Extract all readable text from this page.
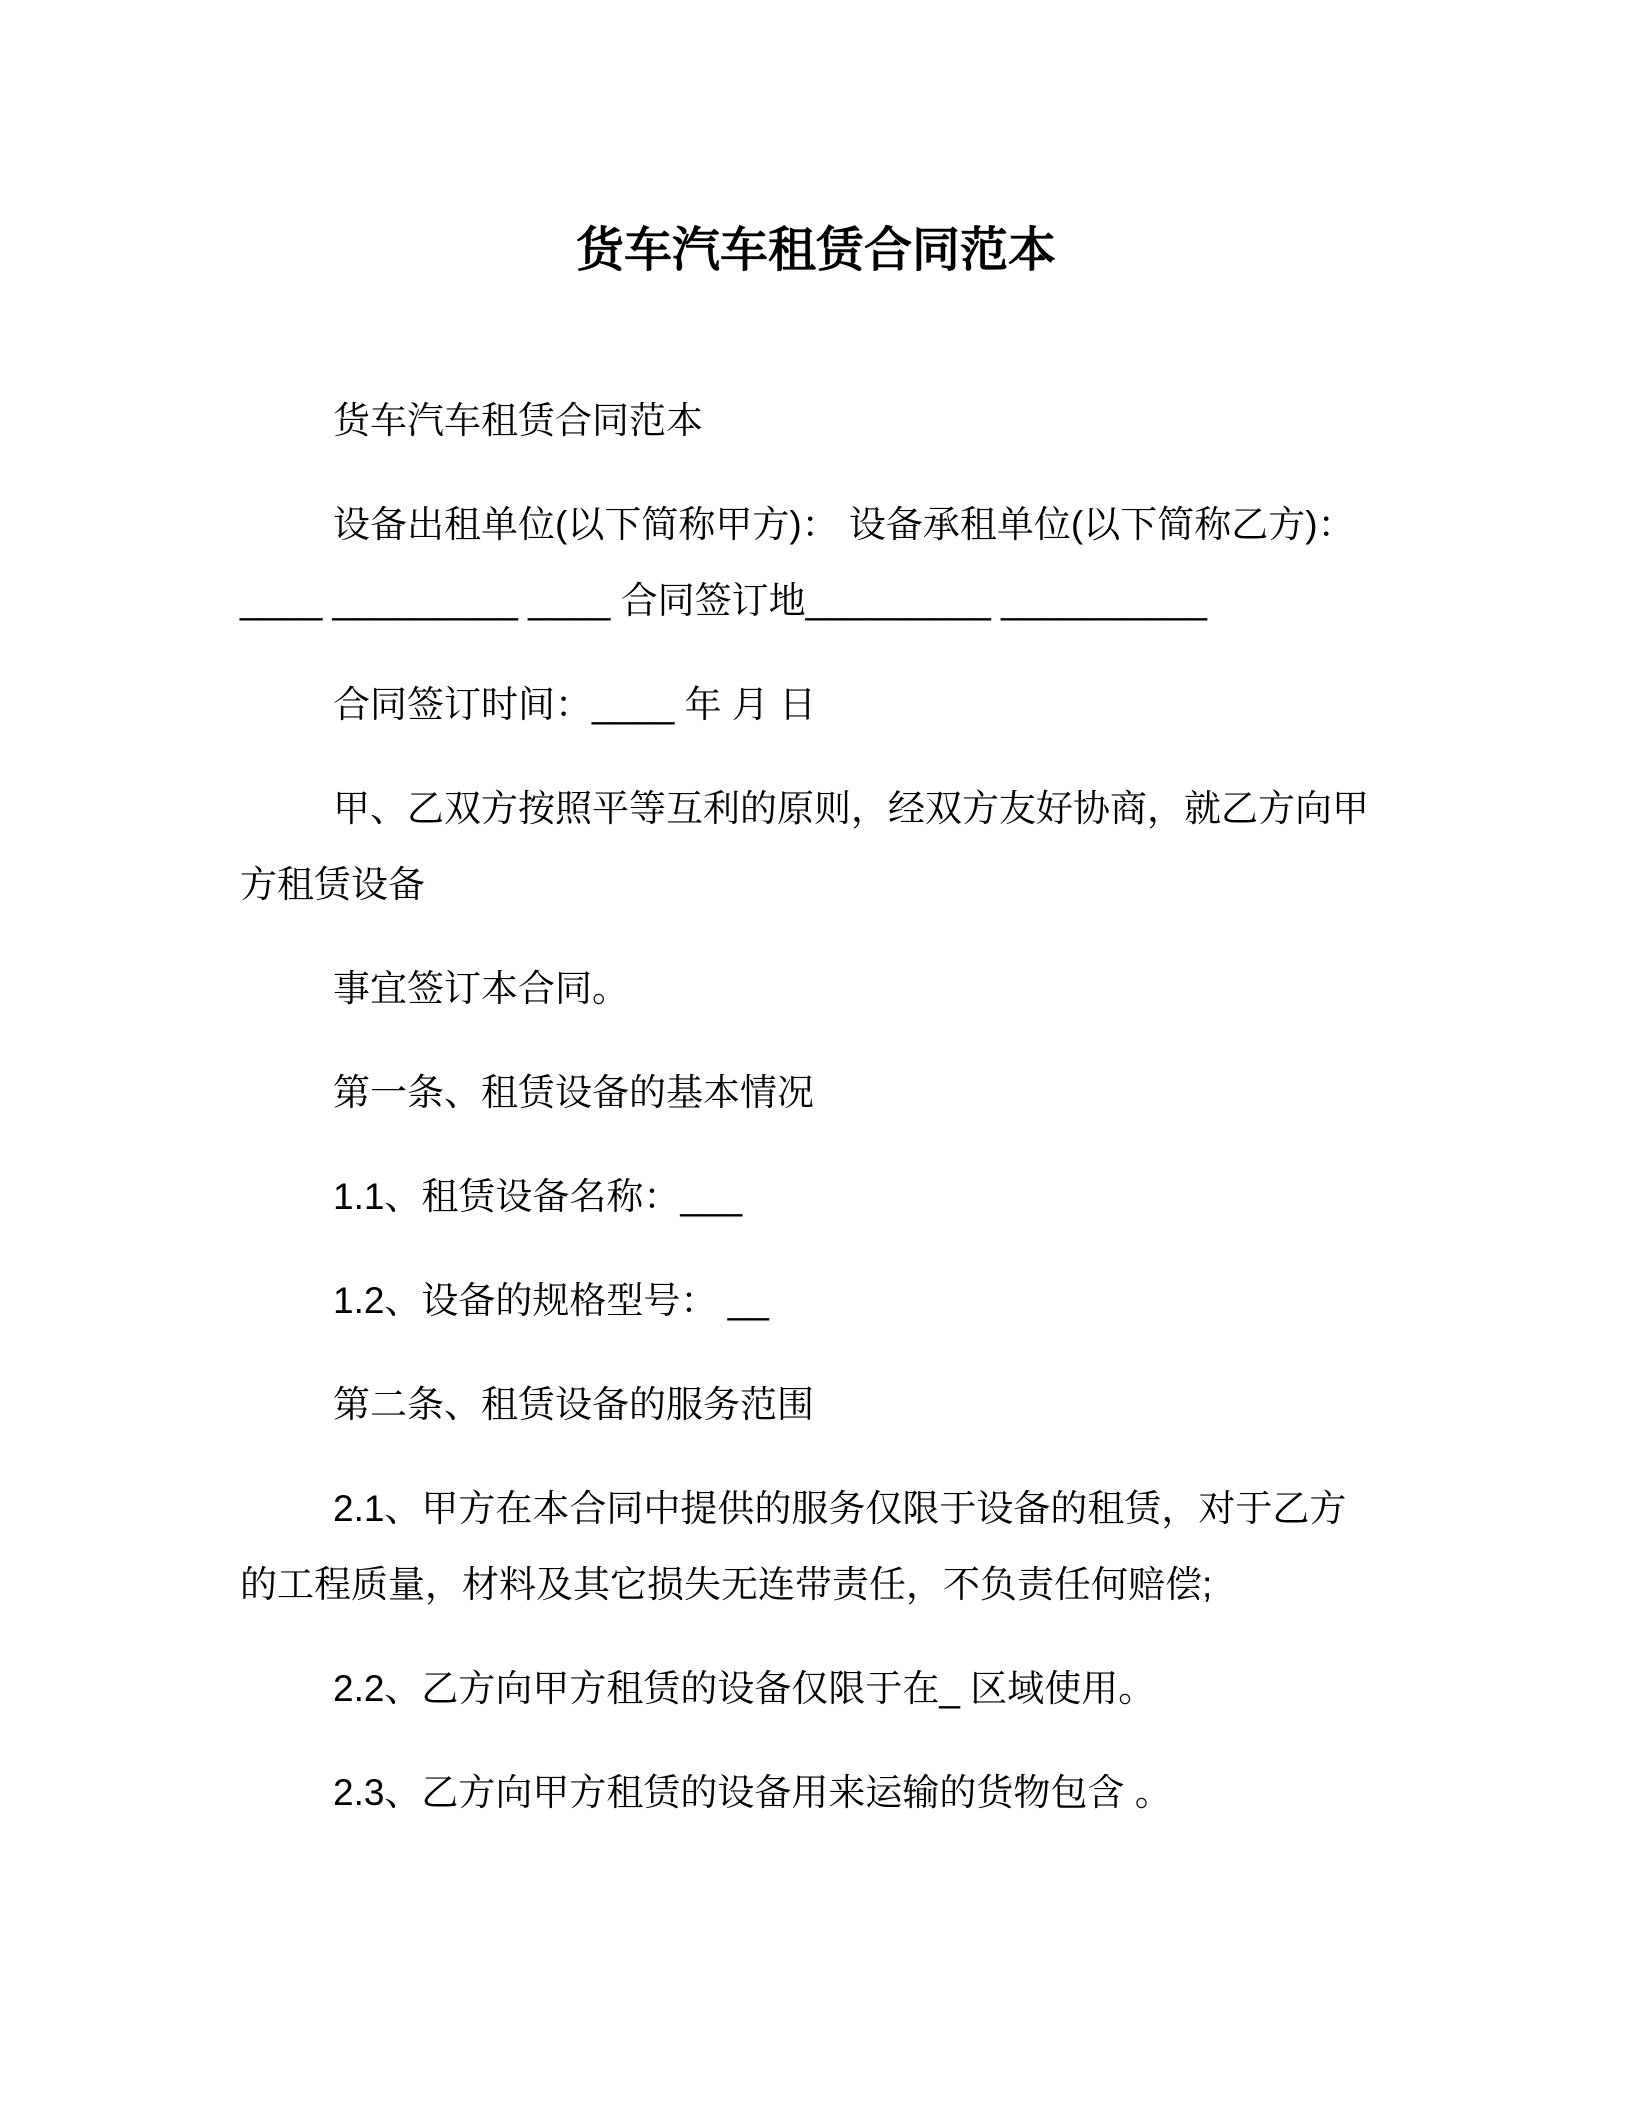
货车汽车租赁合同范本
货车汽车租赁合同范本
设备出租单位(以下简称甲方)： 设备承租单位(以下简称乙方)：
____ _________ ____ 合同签订地_________ __________
合同签订时间：____ 年 月 日
甲、乙双方按照平等互利的原则，经双方友好协商，就乙方向甲
方租赁设备
事宜签订本合同。
第一条、租赁设备的基本情况
1.1、租赁设备名称：___
1.2、设备的规格型号： __
第二条、租赁设备的服务范围
2.1、甲方在本合同中提供的服务仅限于设备的租赁，对于乙方
的工程质量，材料及其它损失无连带责任，不负责任何赔偿;
2.2、乙方向甲方租赁的设备仅限于在_ 区域使用。
2.3、乙方向甲方租赁的设备用来运输的货物包含 。
